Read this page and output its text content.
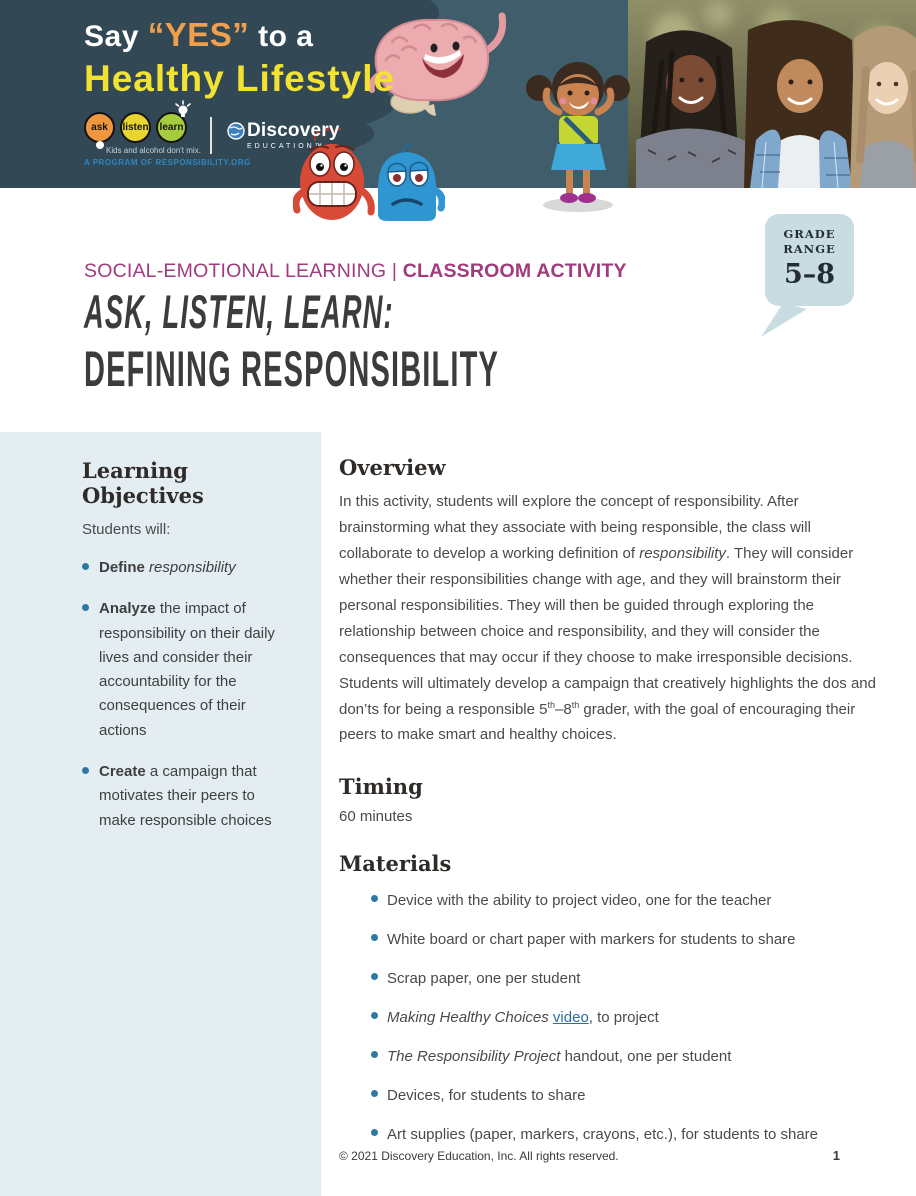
Say “YES” to a
Healthy Lifestyle
ask	listen	learn
Kids and alcohol don't mix.
A PROGRAM OF RESPONSIBILITY.ORG
Discovery
EDUCATION™
GRADE
RANGE
5–8
SOCIAL-EMOTIONAL LEARNING | CLASSROOM ACTIVITY
ASK, LISTEN, LEARN:
DEFINING RESPONSIBILITY
Learning Objectives

Students will:

Define responsibility
Analyze the impact of responsibility on their daily lives and consider their accountability for the consequences of their actions
Create a campaign that motivates their peers to make responsible choices
Overview

In this activity, students will explore the concept of responsibility. After brainstorming what they associate with being responsible, the class will collaborate to develop a working definition of responsibility. They will consider whether their responsibilities change with age, and they will brainstorm their personal responsibilities. They will then be guided through exploring the relationship between choice and responsibility, and they will consider the consequences that may occur if they choose to make irresponsible decisions. Students will ultimately develop a campaign that creatively highlights the dos and don’ts for being a responsible 5th–8th grader, with the goal of encouraging their peers to make smart and healthy choices.

Timing

60 minutes

Materials
Device with the ability to project video, one for the teacher
White board or chart paper with markers for students to share
Scrap paper, one per student
Making Healthy Choices video, to project
The Responsibility Project handout, one per student
Devices, for students to share
Art supplies (paper, markers, crayons, etc.), for students to share
© 2021 Discovery Education, Inc. All rights reserved.	1
